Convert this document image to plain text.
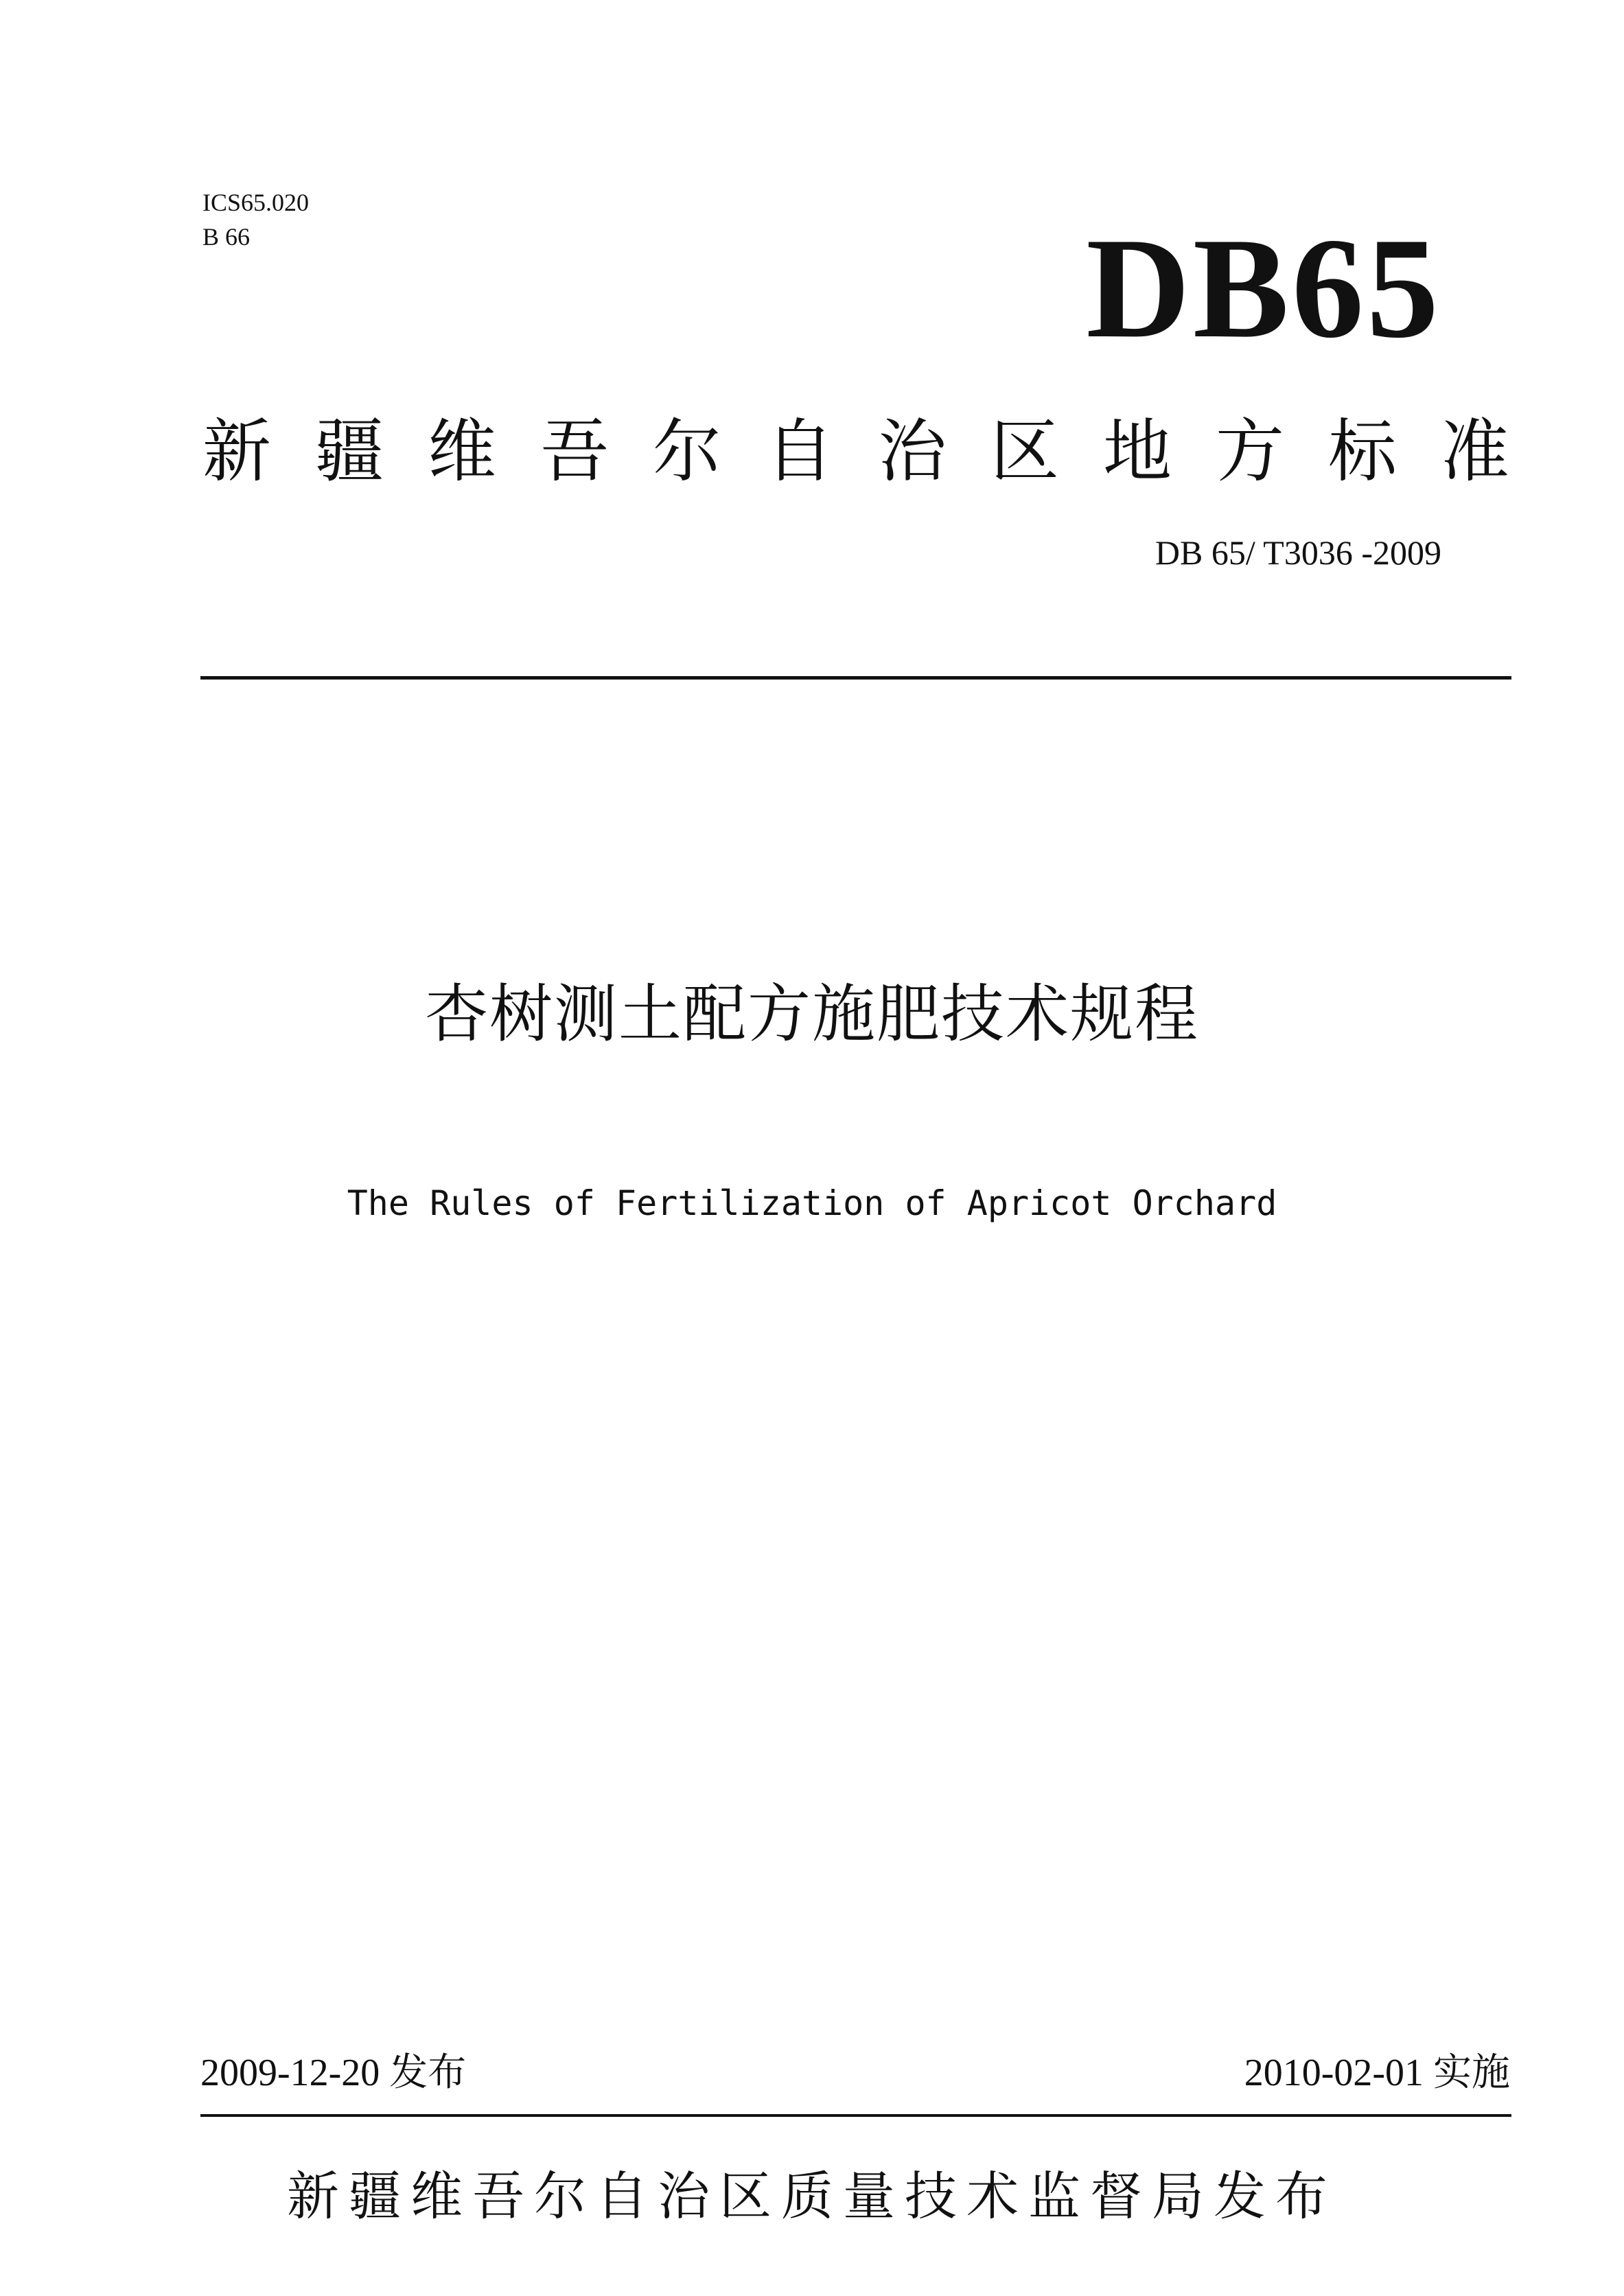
ICS65.020
B 66	DB65
新疆维吾尔自治区地方标准
DB 65/ T3036 -2009
杏树测土配方施肥技术规程
The Rules of Fertilization of Apricot Orchard
2009-12-20 发布	2010-02-01 实施
新疆维吾尔自治区质量技术监督局发布
